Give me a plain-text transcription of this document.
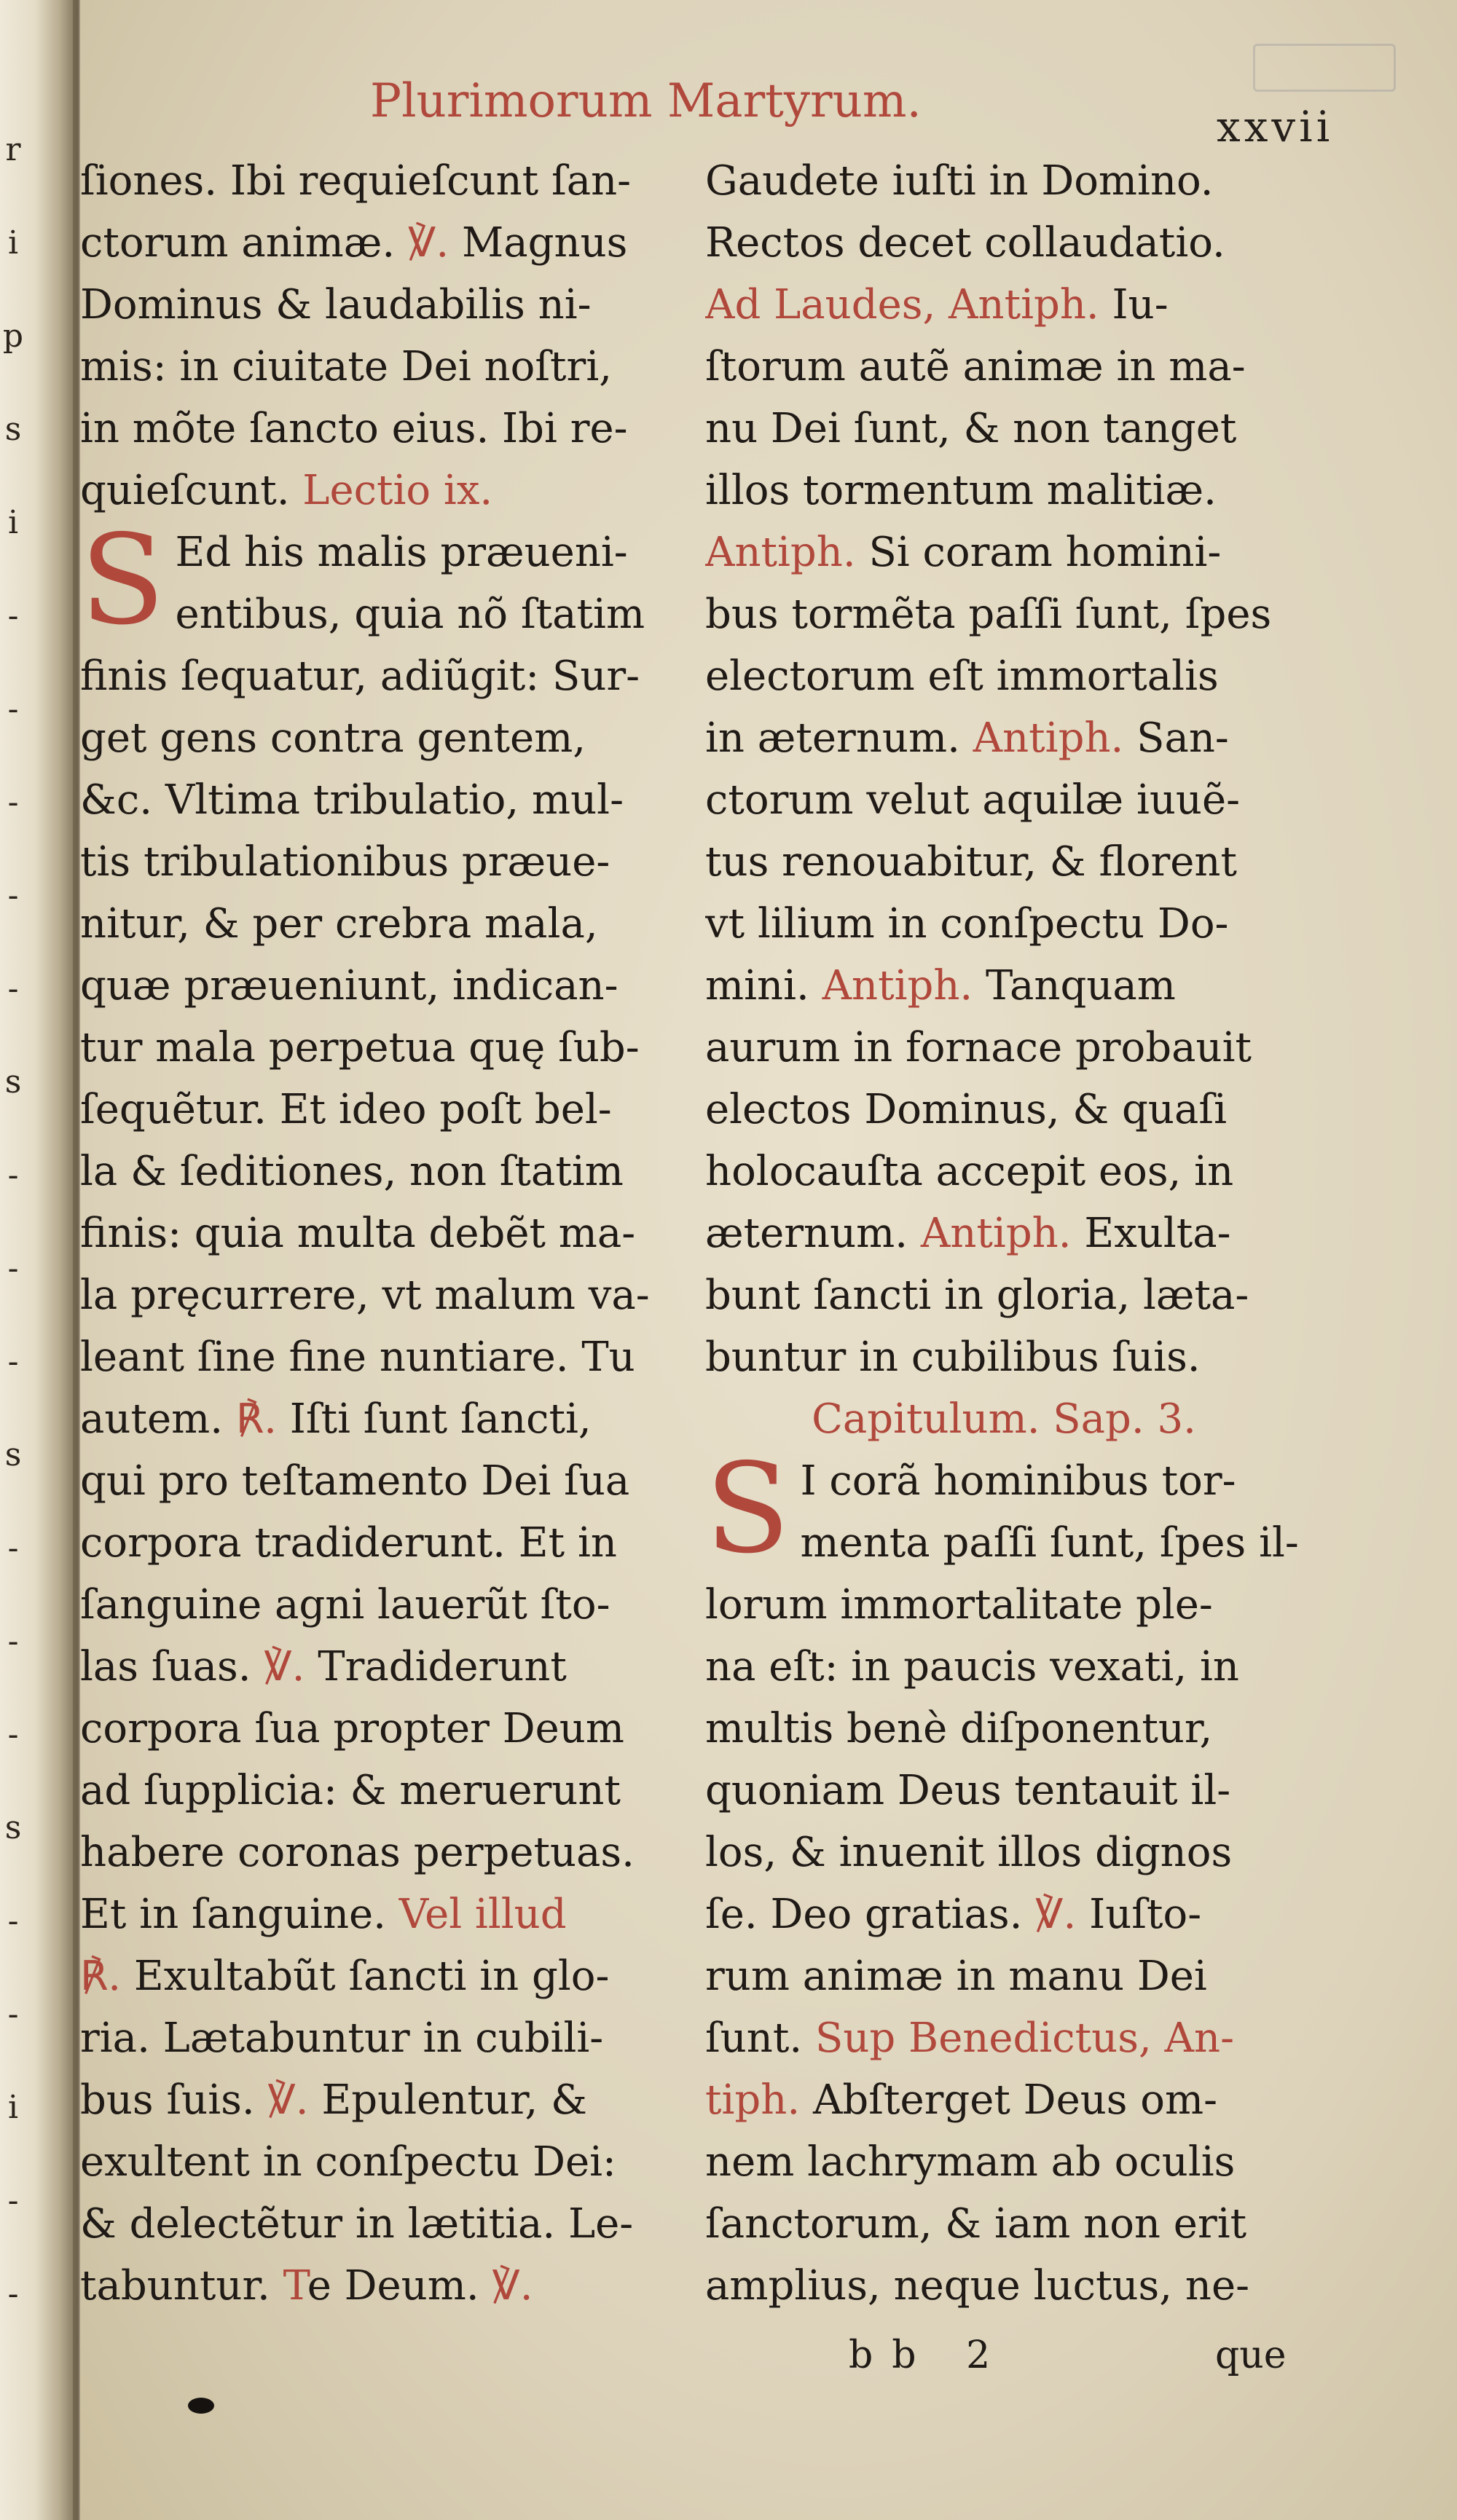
r
i
p
s
i
-
-
-
-
-
s
-
-
-
s
-
-
-
s
-
-
i
-
-
Plurimorum Martyrum.	xxvii
ſiones. Ibi requieſcunt ſan-
ctorum animæ. ℣. Magnus
Dominus & laudabilis ni-
mis: in ciuitate Dei noſtri,
in mõte ſancto eius. Ibi re-
quieſcunt. Lectio ix.
S Ed his malis præueni-
entibus, quia nõ ſtatim
finis ſequatur, adiũgit: Sur-
get gens contra gentem,
&c. Vltima tribulatio, mul-
tis tribulationibus præue-
nitur, & per crebra mala,
quæ præueniunt, indican-
tur mala perpetua quę ſub-
ſequẽtur. Et ideo poſt bel-
la & ſeditiones, non ſtatim
finis: quia multa debẽt ma-
la pręcurrere, vt malum va-
leant ſine fine nuntiare. Tu
autem. ℟. Iſti ſunt ſancti,
qui pro teſtamento Dei ſua
corpora tradiderunt. Et in
ſanguine agni lauerũt ſto-
las ſuas. ℣. Tradiderunt
corpora ſua propter Deum
ad ſupplicia: & meruerunt
habere coronas perpetuas.
Et in ſanguine. Vel illud
℟. Exultabũt ſancti in glo-
ria. Lætabuntur in cubili-
bus ſuis. ℣. Epulentur, &
exultent in conſpectu Dei:
& delectẽtur in lætitia. Le-
tabuntur. Te Deum. ℣.
Gaudete iuſti in Domino.
Rectos decet collaudatio.
Ad Laudes, Antiph. Iu-
ſtorum autẽ animæ in ma-
nu Dei ſunt, & non tanget
illos tormentum malitiæ.
Antiph. Si coram homini-
bus tormẽta paſſi ſunt, ſpes
electorum eſt immortalis
in æternum. Antiph. San-
ctorum velut aquilæ iuuẽ-
tus renouabitur, & florent
vt lilium in conſpectu Do-
mini. Antiph. Tanquam
aurum in fornace probauit
electos Dominus, & quaſi
holocauſta accepit eos, in
æternum. Antiph. Exulta-
bunt ſancti in gloria, læta-
buntur in cubilibus ſuis.
Capitulum. Sap. 3.
S I corã hominibus tor-
menta paſſi ſunt, ſpes il-
lorum immortalitate ple-
na eſt: in paucis vexati, in
multis benè diſponentur,
quoniam Deus tentauit il-
los, & inuenit illos dignos
ſe. Deo gratias. ℣. Iuſto-
rum animæ in manu Dei
ſunt. Sup Benedictus, An-
tiph. Abſterget Deus om-
nem lachrymam ab oculis
ſanctorum, & iam non erit
amplius, neque luctus, ne-
bb 2	que
